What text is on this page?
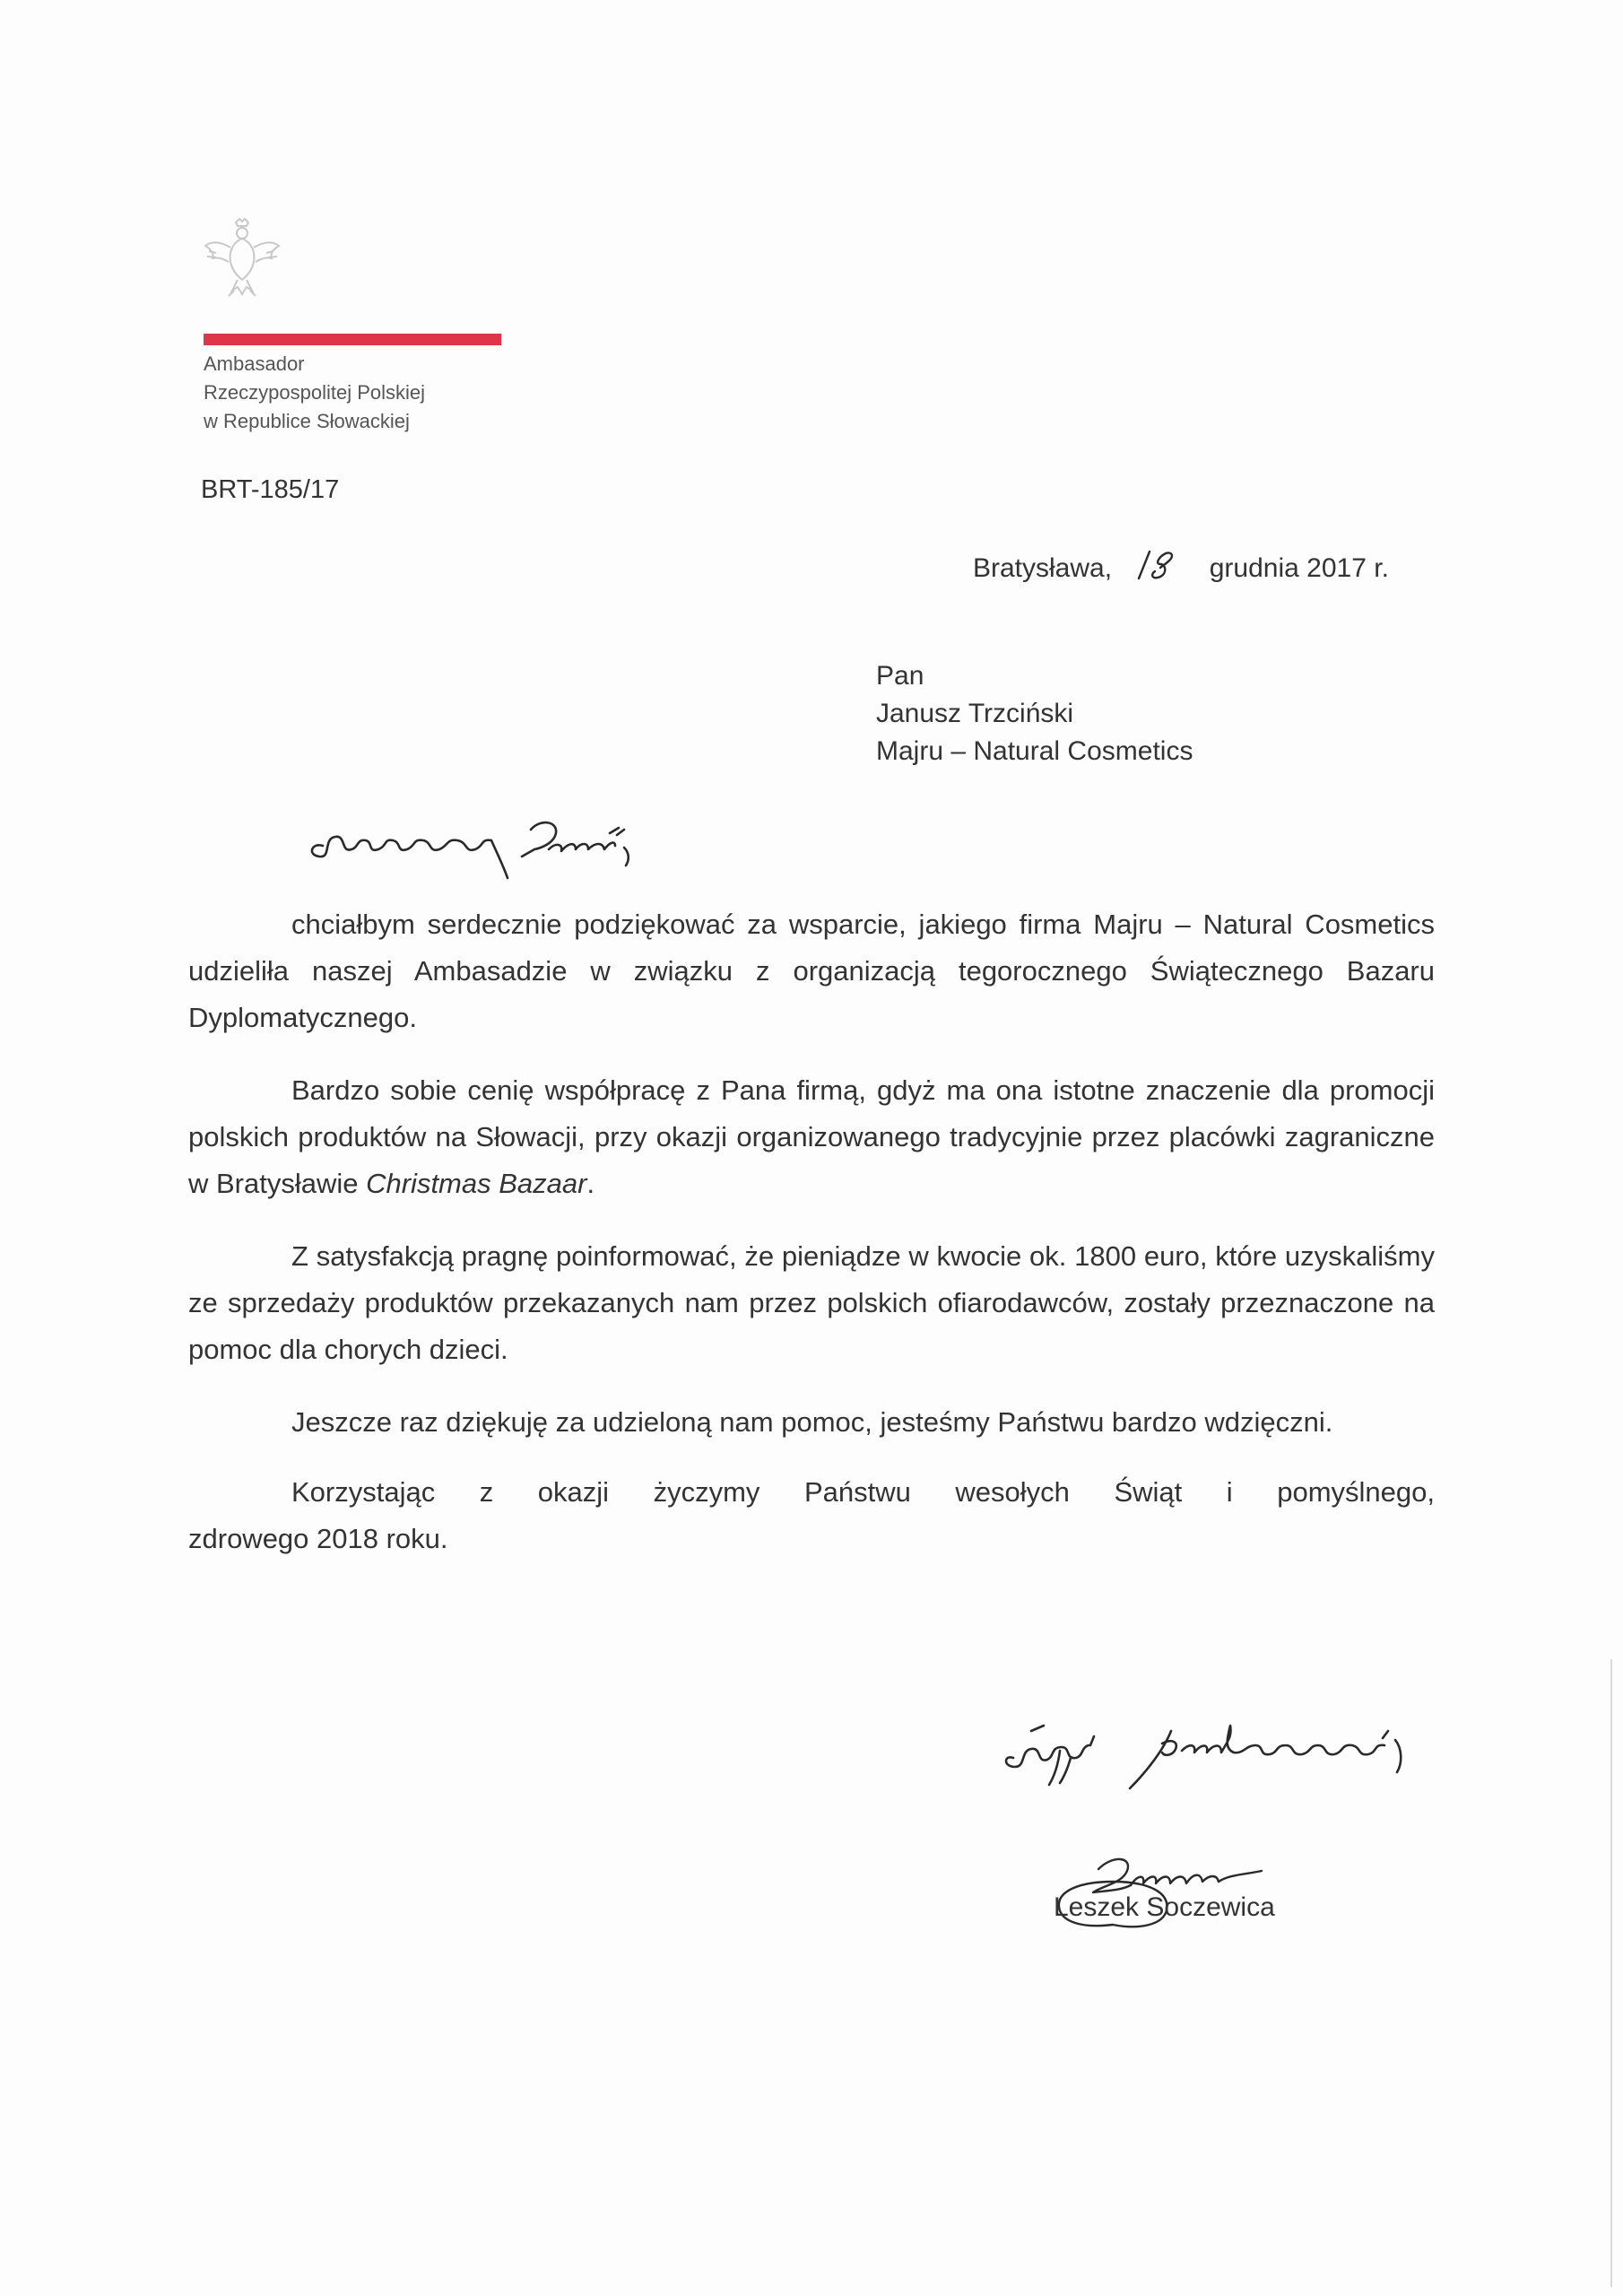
Ambasador
Rzeczypospolitej Polskiej
w Republice Słowackiej
BRT-185/17
Bratysława,	grudnia 2017 r.
Pan
Janusz Trzciński
Majru – Natural Cosmetics

chciałbym serdecznie podziękować za wsparcie, jakiego firma Majru – Natural Cosmetics udzieliła naszej Ambasadzie w związku z organizacją tegorocznego Świątecznego Bazaru Dyplomatycznego.

Bardzo sobie cenię współpracę z Pana firmą, gdyż ma ona istotne znaczenie dla promocji polskich produktów na Słowacji, przy okazji organizowanego tradycyjnie przez placówki zagraniczne w Bratysławie Christmas Bazaar.

Z satysfakcją pragnę poinformować, że pieniądze w kwocie ok. 1800 euro, które uzyskaliśmy ze sprzedaży produktów przekazanych nam przez polskich ofiarodawców, zostały przeznaczone na pomoc dla chorych dzieci.

Jeszcze raz dziękuję za udzieloną nam pomoc, jesteśmy Państwu bardzo wdzięczni.

Korzystając z okazji życzymy Państwu wesołych Świąt i pomyślnego,

zdrowego 2018 roku.

Leszek Soczewica
